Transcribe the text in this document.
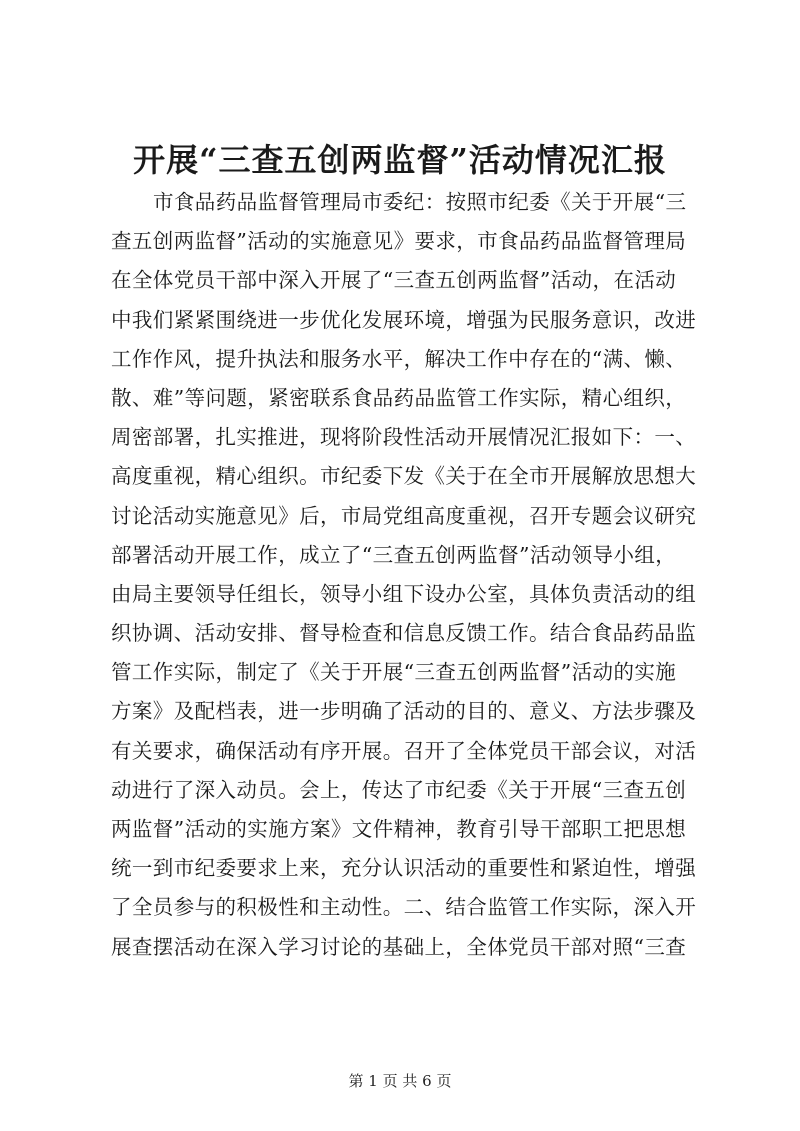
开展“三查五创两监督”活动情况汇报
市食品药品监督管理局市委纪：按照市纪委《关于开展“三
查五创两监督”活动的实施意见》要求，市食品药品监督管理局
在全体党员干部中深入开展了“三查五创两监督”活动，在活动
中我们紧紧围绕进一步优化发展环境，增强为民服务意识，改进
工作作风，提升执法和服务水平，解决工作中存在的“满、懒、
散、难”等问题，紧密联系食品药品监管工作实际，精心组织，
周密部署，扎实推进，现将阶段性活动开展情况汇报如下：一、
高度重视，精心组织。市纪委下发《关于在全市开展解放思想大
讨论活动实施意见》后，市局党组高度重视，召开专题会议研究
部署活动开展工作，成立了“三查五创两监督”活动领导小组，
由局主要领导任组长，领导小组下设办公室，具体负责活动的组
织协调、活动安排、督导检查和信息反馈工作。结合食品药品监
管工作实际，制定了《关于开展“三查五创两监督”活动的实施
方案》及配档表，进一步明确了活动的目的、意义、方法步骤及
有关要求，确保活动有序开展。召开了全体党员干部会议，对活
动进行了深入动员。会上，传达了市纪委《关于开展“三查五创
两监督”活动的实施方案》文件精神，教育引导干部职工把思想
统一到市纪委要求上来，充分认识活动的重要性和紧迫性，增强
了全员参与的积极性和主动性。二、结合监管工作实际，深入开
展查摆活动在深入学习讨论的基础上，全体党员干部对照“三查
第 1 页 共 6 页
